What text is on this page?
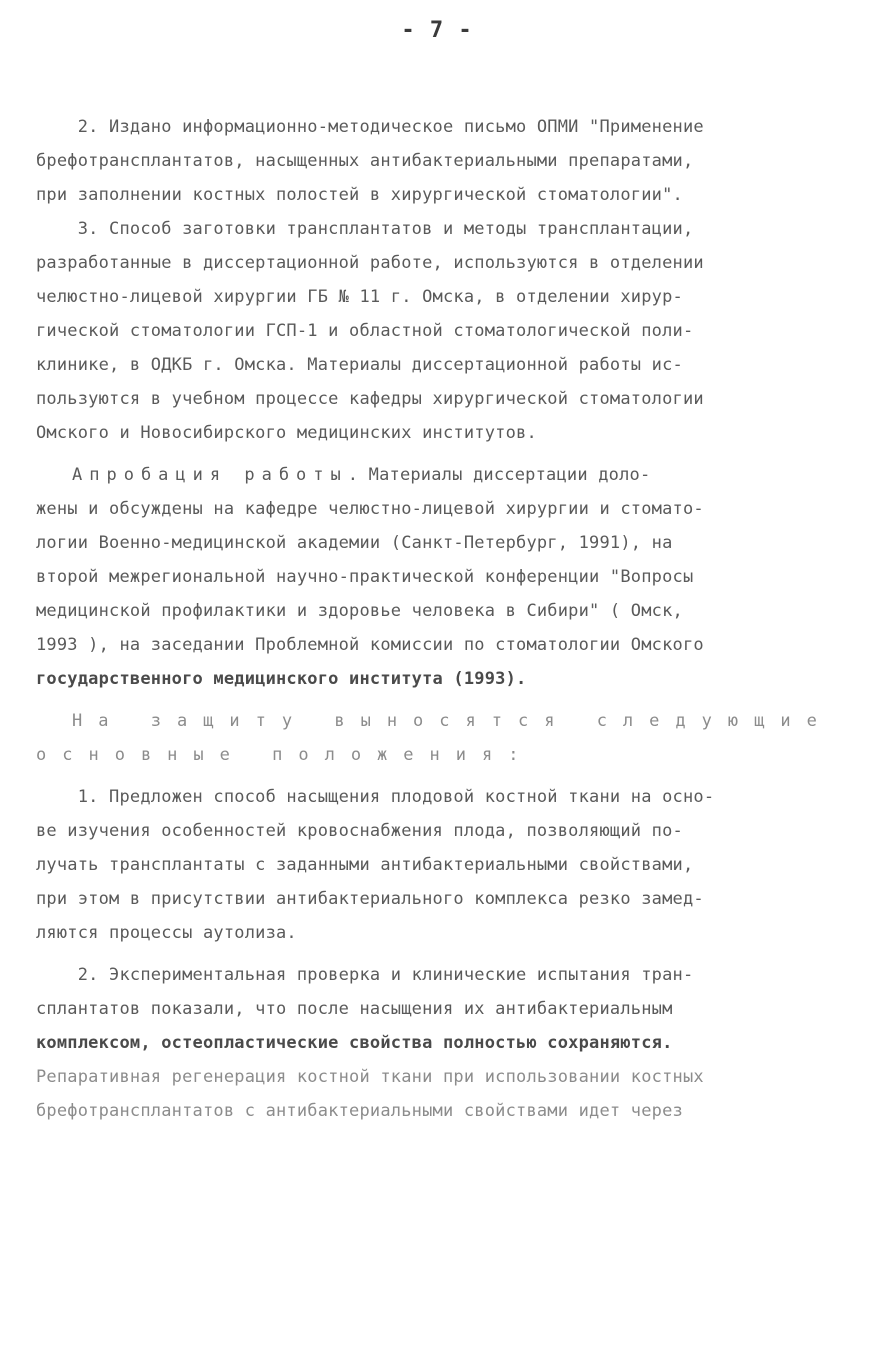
- 7 -
2. Издано информационно-методическое письмо ОПМИ "Применение
брефотрансплантатов, насыщенных антибактериальными препаратами,
при заполнении костных полостей в хирургической стоматологии".
3. Способ заготовки трансплантатов и методы трансплантации,
разработанные в диссертационной работе, используются в отделении
челюстно-лицевой хирургии ГБ № 11 г. Омска, в отделении хирур-
гической стоматологии ГСП-1 и областной стоматологической поли-
клинике, в ОДКБ г. Омска. Материалы диссертационной работы ис-
пользуются в учебном процессе кафедры хирургической стоматологии
Омского и Новосибирского медицинских институтов.
Апробация работы. Материалы диссертации доло-
жены и обсуждены на кафедре челюстно-лицевой хирургии и стомато-
логии Военно-медицинской академии (Санкт-Петербург, 1991), на
второй межрегиональной научно-практической конференции "Вопросы
медицинской профилактики и здоровье человека в Сибири" ( Омск,
1993 ), на заседании Проблемной комиссии по стоматологии Омского
государственного медицинского института (1993).
На защиту выносятся следующие
основные положения:
1. Предложен способ насыщения плодовой костной ткани на осно-
ве изучения особенностей кровоснабжения плода, позволяющий по-
лучать трансплантаты с заданными антибактериальными свойствами,
при этом в присутствии антибактериального комплекса резко замед-
ляются процессы аутолиза.
2. Экспериментальная проверка и клинические испытания тран-
сплантатов показали, что после насыщения их антибактериальным
комплексом, остеопластические свойства полностью сохраняются.
Репаративная регенерация костной ткани при использовании костных
брефотрансплантатов с антибактериальными свойствами идет через
